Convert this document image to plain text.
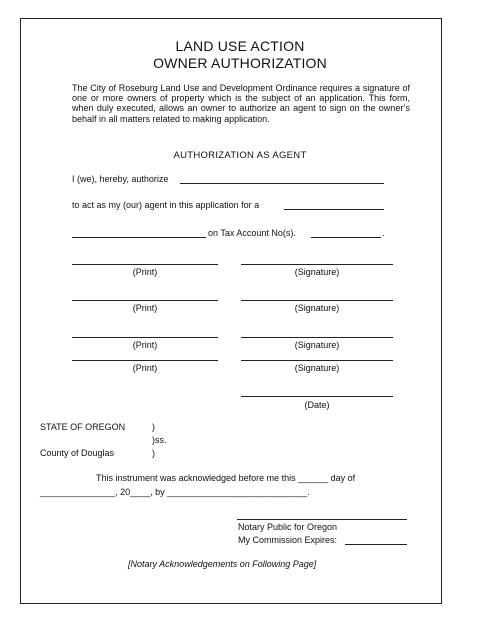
LAND USE ACTION
OWNER AUTHORIZATION
The City of Roseburg Land Use and Development Ordinance requires a signature of one or more owners of property which is the subject of an application. This form, when duly executed, allows an owner to authorize an agent to sign on the owner’s behalf in all matters related to making application.
AUTHORIZATION AS AGENT
I (we), hereby, authorize
to act as my (our) agent in this application for a
on Tax Account No(s).	.
(Print)	(Signature)
(Print)	(Signature)
(Print)	(Signature)
(Print)	(Signature)
(Date)
STATE OF OREGON	)
)ss.
County of Douglas	)
This instrument was acknowledged before me this ______ day of
_______________, 20____, by ____________________________.
Notary Public for Oregon
My Commission Expires:
[Notary Acknowledgements on Following Page]
